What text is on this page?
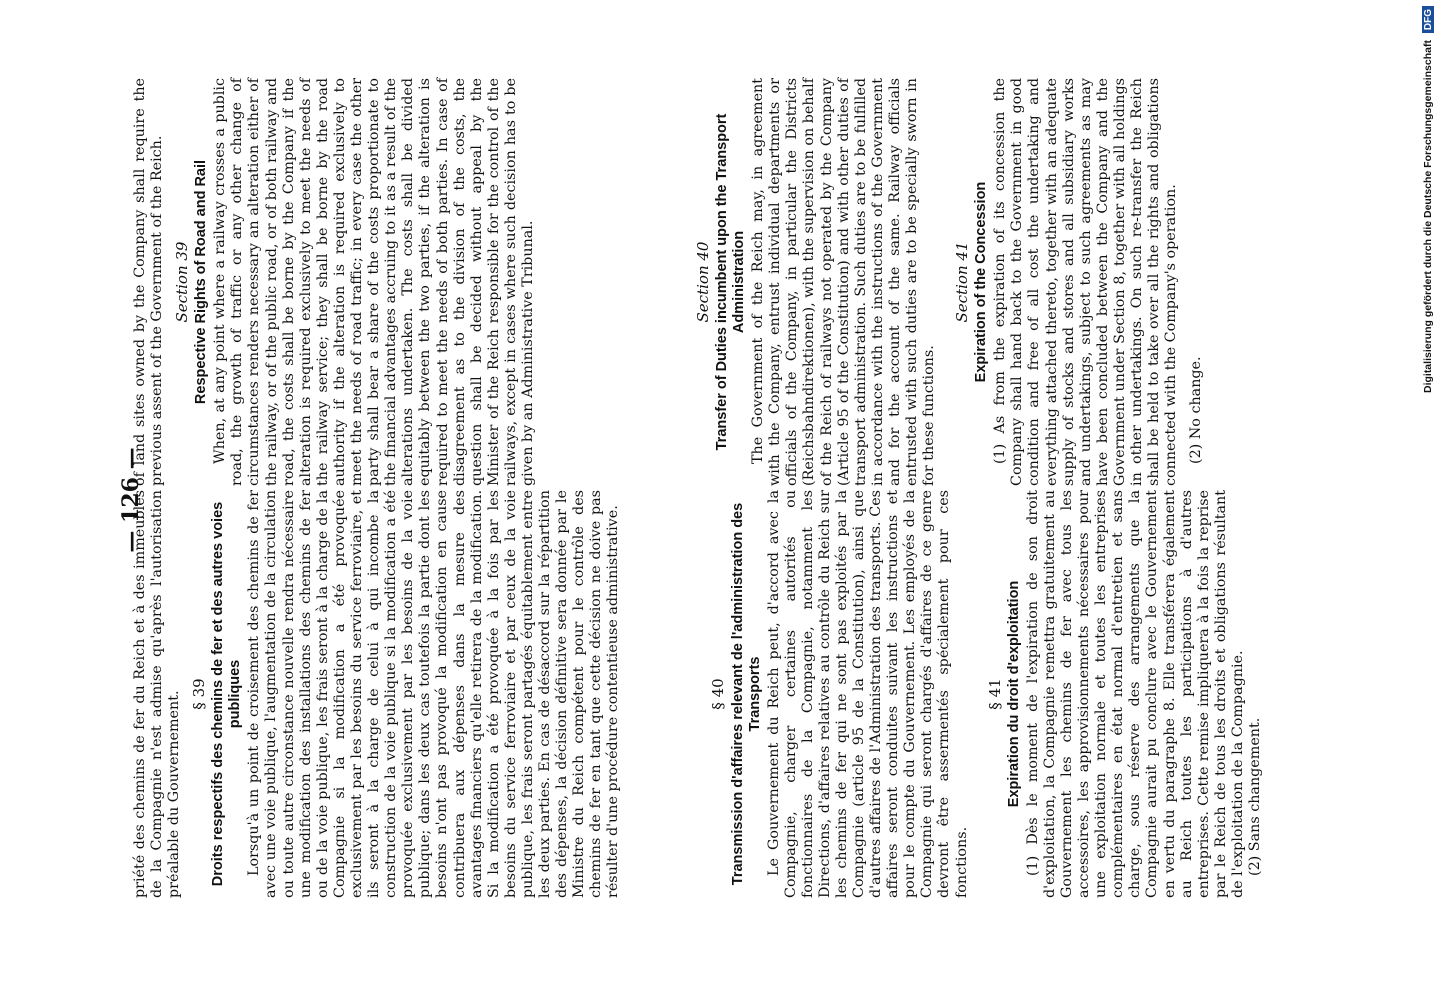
— 126 —

priété des chemins de fer du Reich et à des immeubles de la Compagnie n'est admise qu'après l'autorisation préalable du Gouvernement. § 39 Droits respectifs des chemins de fer et des autres voies publiques Lorsqu'à un point de croisement des chemins de fer avec une voie publique, l'augmentation de la circulation ou toute autre circonstance nouvelle rendra nécessaire une modification des installations des chemins de fer ou de la voie publique, les frais seront à la charge de la Compagnie si la modification a été provoquée exclusivement par les besoins du service ferroviaire, et ils seront à la charge de celui à qui incombe la construction de la voie publique si la modification a été provoquée exclusivement par les besoins de la voie publique; dans les deux cas toutefois la partie dont les besoins n'ont pas provoqué la modification en cause contribuera aux dépenses dans la mesure des avantages financiers qu'elle retirera de la modification. Si la modification a été provoquée à la fois par les besoins du service ferroviaire et par ceux de la voie publique, les frais seront partagés équitablement entre les deux parties. En cas de désaccord sur la répartition des dépenses, la décision définitive sera donnée par le Ministre du Reich compétent pour le contrôle des chemins de fer en tant que cette décision ne doive pas résulter d'une procédure contentieuse administrative.	§ 40 Transmission d'affaires relevant de l'administration des Transports Le Gouvernement du Reich peut, d'accord avec la Compagnie, charger certaines autorités ou fonctionnaires de la Compagnie, notamment les Directions, d'affaires relatives au contrôle du Reich sur les chemins de fer qui ne sont pas exploités par la Compagnie (article 95 de la Constitution), ainsi que d'autres affaires de l'Administration des transports. Ces affaires seront conduites suivant les instructions et pour le compte du Gouvernement. Les employés de la Compagnie qui seront chargés d'affaires de ce genre devront être assermentés spécialement pour ces fonctions.

§ 41 Expiration du droit d'exploitation (1) Dès le moment de l'expiration de son droit d'exploitation, la Compagnie remettra gratuitement au Gouvernement les chemins de fer avec tous les accessoires, les approvisionnements nécessaires pour une exploitation normale et toutes les entreprises complémentaires en état normal d'entretien et sans charge, sous réserve des arrangements que la Compagnie aurait pu conclure avec le Gouvernement en vertu du paragraphe 8. Elle transférera également au Reich toutes les participations à d'autres entreprises. Cette remise impliquera à la fois la reprise par le Reich de tous les droits et obligations résultant de l'exploitation de la Compagnie. (2) Sans changement.

of land sites owned by the Company shall require the previous assent of the Government of the Reich. Section 39 Respective Rights of Road and Rail When, at any point where a railway crosses a public road, the growth of traffic or any other change of circumstances renders necessary an alteration either of the railway, or of the public road, or of both railway and road, the costs shall be borne by the Company if the alteration is required exclusively to meet the needs of the railway service; they shall be borne by the road authority if the alteration is required exclusively to meet the needs of road traffic; in every case the other party shall bear a share of the costs proportionate to the financial advantages accruing to it as a result of the alterations undertaken. The costs shall be divided equitably between the two parties, if the alteration is required to meet the needs of both parties. In case of disagreement as to the division of the costs, the question shall be decided without appeal by the Minister of the Reich responsible for the control of the railways, except in cases where such decision has to be given by an Administrative Tribunal.	Section 40 Transfer of Duties incumbent upon the Transport Administration The Government of the Reich may, in agreement with the Company, entrust individual departments or officials of the Company, in particular the Districts (Reichsbahndirektionen), with the supervision on behalf of the Reich of railways not operated by the Company (Article 95 of the Constitution) and with other duties of transport administration. Such duties are to be fulfilled in accordance with the instructions of the Government and for the account of the same. Railway officials entrusted with such duties are to be specially sworn in for these functions.

Section 41 Expiration of the Concession (1) As from the expiration of its concession the Company shall hand back to the Government in good condition and free of all cost the undertaking and everything attached thereto, together with an adequate supply of stocks and stores and all subsidiary works and undertakings, subject to such agreements as may have been concluded between the Company and the Government under Section 8, together with all holdings in other undertakings. On such re-transfer the Reich shall be held to take over all the rights and obligations connected with the Company's operation. (2) No change.

Digitalisierung gefördert durch die Deutsche Forschungsgemeinschaft DFG
